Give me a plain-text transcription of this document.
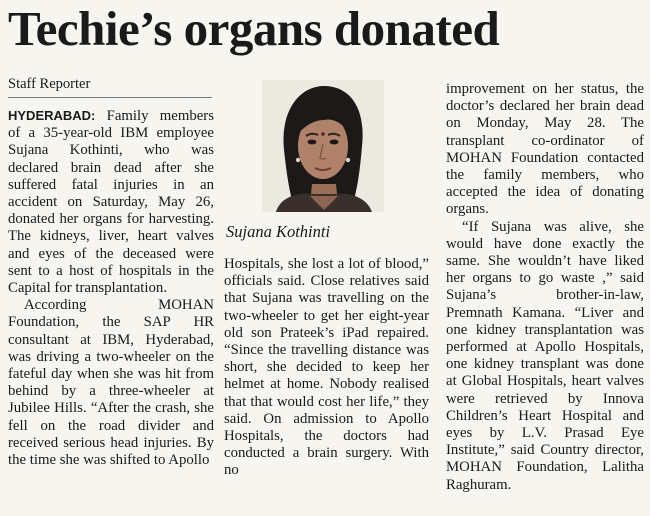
Techie’s organs donated
Staff Reporter

HYDERABAD: Family members of a 35-year-old IBM employee Sujana Kothinti, who was declared brain dead after she suffered fatal injuries in an accident on Saturday, May 26, donated her organs for harvesting. The kidneys, liver, heart valves and eyes of the deceased were sent to a host of hospitals in the Capital for transplantation.

According MOHAN Foundation, the SAP HR consultant at IBM, Hyderabad, was driving a two-wheeler on the fateful day when she was hit from behind by a three-wheeler at Jubilee Hills. “After the crash, she fell on the road divider and received serious head injuries. By the time she was shifted to Apollo

Sujana Kothinti

Hospitals, she lost a lot of blood,” officials said. Close relatives said that Sujana was travelling on the two-wheeler to get her eight-year old son Prateek’s iPad repaired. “Since the travelling distance was short, she decided to keep her helmet at home. Nobody realised that that would cost her life,” they said. On admission to Apollo Hospitals, the doctors had conducted a brain surgery. With no

improvement on her status, the doctor’s declared her brain dead on Monday, May 28. The transplant co-ordinator of MOHAN Foundation contacted the family members, who accepted the idea of donating organs.

“If Sujana was alive, she would have done exactly the same. She wouldn’t have liked her organs to go waste ,” said Sujana’s brother-in-law, Premnath Kamana. “Liver and one kidney transplantation was performed at Apollo Hospitals, one kidney transplant was done at Global Hospitals, heart valves were retrieved by Innova Children’s Heart Hospital and eyes by L.V. Prasad Eye Institute,” said Country director, MOHAN Foundation, Lalitha Raghuram.
